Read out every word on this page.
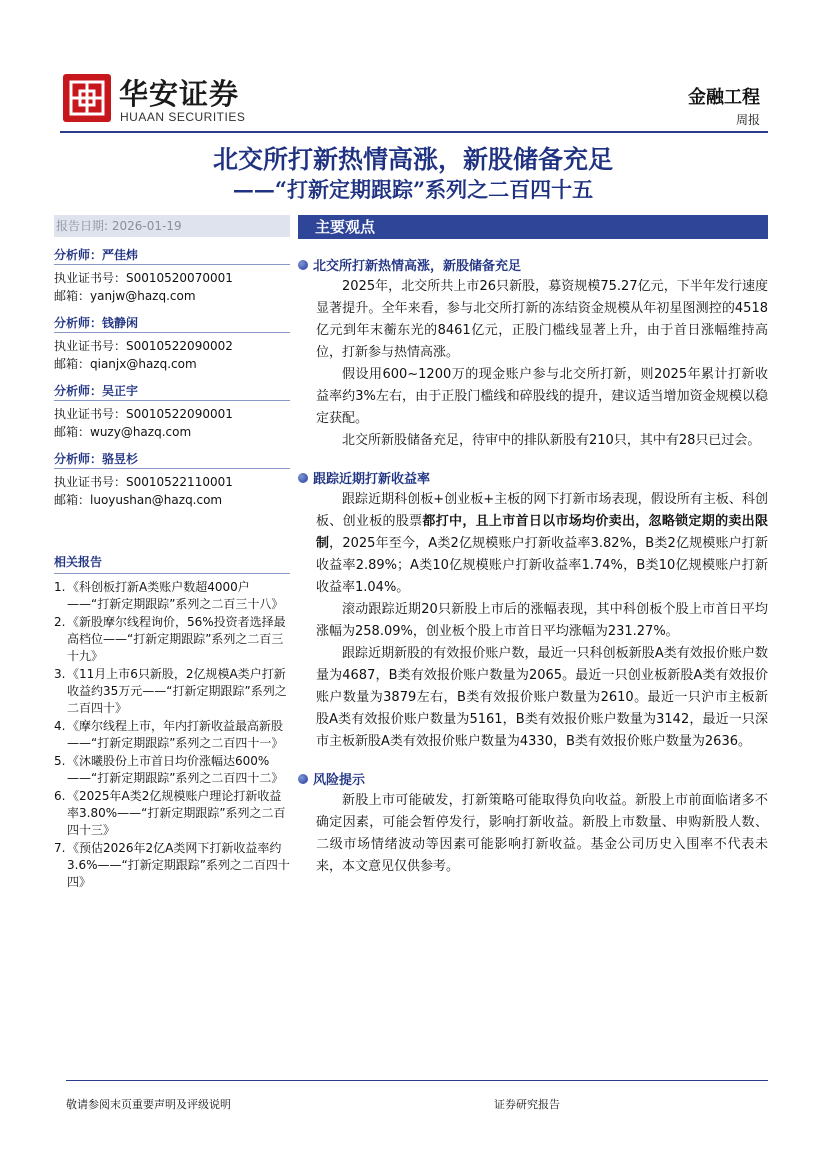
华安证券
HUAAN SECURITIES
金融工程
周报
北交所打新热情高涨，新股储备充足
——“打新定期跟踪”系列之二百四十五
报告日期: 2026-01-19
分析师：严佳炜
执业证书号：S0010520070001
邮箱：yanjw@hazq.com
分析师：钱静闲
执业证书号：S0010522090002
邮箱：qianjx@hazq.com
分析师：吴正宇
执业证书号：S0010522090001
邮箱：wuzy@hazq.com
分析师：骆昱杉
执业证书号：S0010522110001
邮箱：luoyushan@hazq.com
相关报告
1. 《科创板打新A类账户数超4000户——“打新定期跟踪”系列之二百三十八》
2. 《新股摩尔线程询价，56%投资者选择最高档位——“打新定期跟踪”系列之二百三十九》
3. 《11月上市6只新股，2亿规模A类户打新收益约35万元——“打新定期跟踪”系列之二百四十》
4. 《摩尔线程上市，年内打新收益最高新股——“打新定期跟踪”系列之二百四十一》
5. 《沐曦股份上市首日均价涨幅达600%——“打新定期跟踪”系列之二百四十二》
6. 《2025年A类2亿规模账户理论打新收益率3.80%——“打新定期跟踪”系列之二百四十三》
7. 《预估2026年2亿A类网下打新收益率约3.6%——“打新定期跟踪”系列之二百四十四》
主要观点
北交所打新热情高涨，新股储备充足

2025年，北交所共上市26只新股，募资规模75.27亿元，下半年发行速度显著提升。全年来看，参与北交所打新的冻结资金规模从年初星图测控的4518亿元到年末蘅东光的8461亿元，正股门槛线显著上升，由于首日涨幅维持高位，打新参与热情高涨。

假设用600~1200万的现金账户参与北交所打新，则2025年累计打新收益率约3%左右，由于正股门槛线和碎股线的提升，建议适当增加资金规模以稳定获配。

北交所新股储备充足，待审中的排队新股有210只，其中有28只已过会。

跟踪近期打新收益率

跟踪近期科创板+创业板+主板的网下打新市场表现，假设所有主板、科创板、创业板的股票都打中，且上市首日以市场均价卖出，忽略锁定期的卖出限制，2025年至今，A类2亿规模账户打新收益率3.82%，B类2亿规模账户打新收益率2.89%；A类10亿规模账户打新收益率1.74%，B类10亿规模账户打新收益率1.04%。

滚动跟踪近期20只新股上市后的涨幅表现，其中科创板个股上市首日平均涨幅为258.09%，创业板个股上市首日平均涨幅为231.27%。

跟踪近期新股的有效报价账户数，最近一只科创板新股A类有效报价账户数量为4687，B类有效报价账户数量为2065。最近一只创业板新股A类有效报价账户数量为3879左右，B类有效报价账户数量为2610。最近一只沪市主板新股A类有效报价账户数量为5161，B类有效报价账户数量为3142，最近一只深市主板新股A类有效报价账户数量为4330，B类有效报价账户数量为2636。

风险提示

新股上市可能破发，打新策略可能取得负向收益。新股上市前面临诸多不确定因素，可能会暂停发行，影响打新收益。新股上市数量、申购新股人数、二级市场情绪波动等因素可能影响打新收益。基金公司历史入围率不代表未来，本文意见仅供参考。

敬请参阅末页重要声明及评级说明	证券研究报告
